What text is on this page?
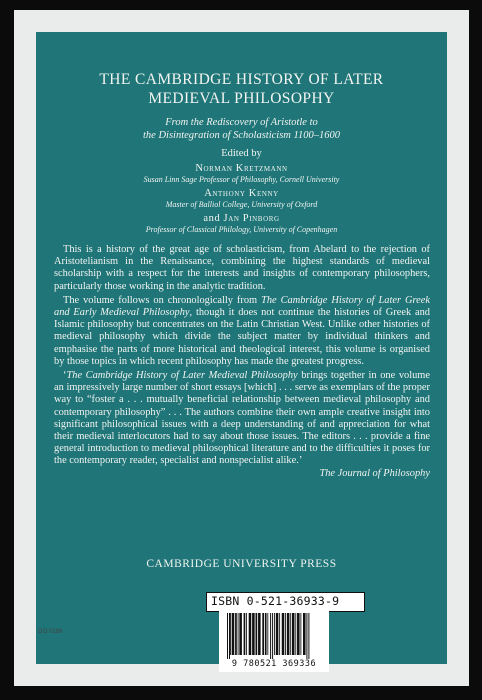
THE CAMBRIDGE HISTORY OF LATER
MEDIEVAL PHILOSOPHY
From the Rediscovery of Aristotle to
the Disintegration of Scholasticism 1100–1600
Edited by
Norman Kretzmann
Susan Linn Sage Professor of Philosophy, Cornell University
Anthony Kenny
Master of Balliol College, University of Oxford
and Jan Pinborg
Professor of Classical Philology, University of Copenhagen

This is a history of the great age of scholasticism, from Abelard to the rejection of Aristotelianism in the Renaissance, combining the highest standards of medieval scholarship with a respect for the interests and insights of contemporary philosophers, particularly those working in the analytic tradition.

The volume follows on chronologically from The Cambridge History of Later Greek and Early Medieval Philosophy, though it does not continue the histories of Greek and Islamic philosophy but concentrates on the Latin Christian West. Unlike other histories of medieval philosophy which divide the subject matter by individual thinkers and emphasise the parts of more historical and theological interest, this volume is organised by those topics in which recent philosophy has made the greatest progress.

‘The Cambridge History of Later Medieval Philosophy brings together in one volume an impressively large number of short essays [which] . . . serve as exemplars of the proper way to “foster a . . . mutually beneficial relationship between medieval philosophy and contemporary philosophy” . . . The authors combine their own ample creative insight into significant philosophical issues with a deep understanding of and appreciation for what their medieval interlocutors had to say about those issues. The editors . . . provide a fine general introduction to medieval philosophical literature and to the difficulties it poses for the contemporary reader, specialist and nonspecialist alike.’
The Journal of Philosophy

CAMBRIDGE UNIVERSITY PRESS
ISBN 0-521-36933-9
9 780521 369336
GO 0189
